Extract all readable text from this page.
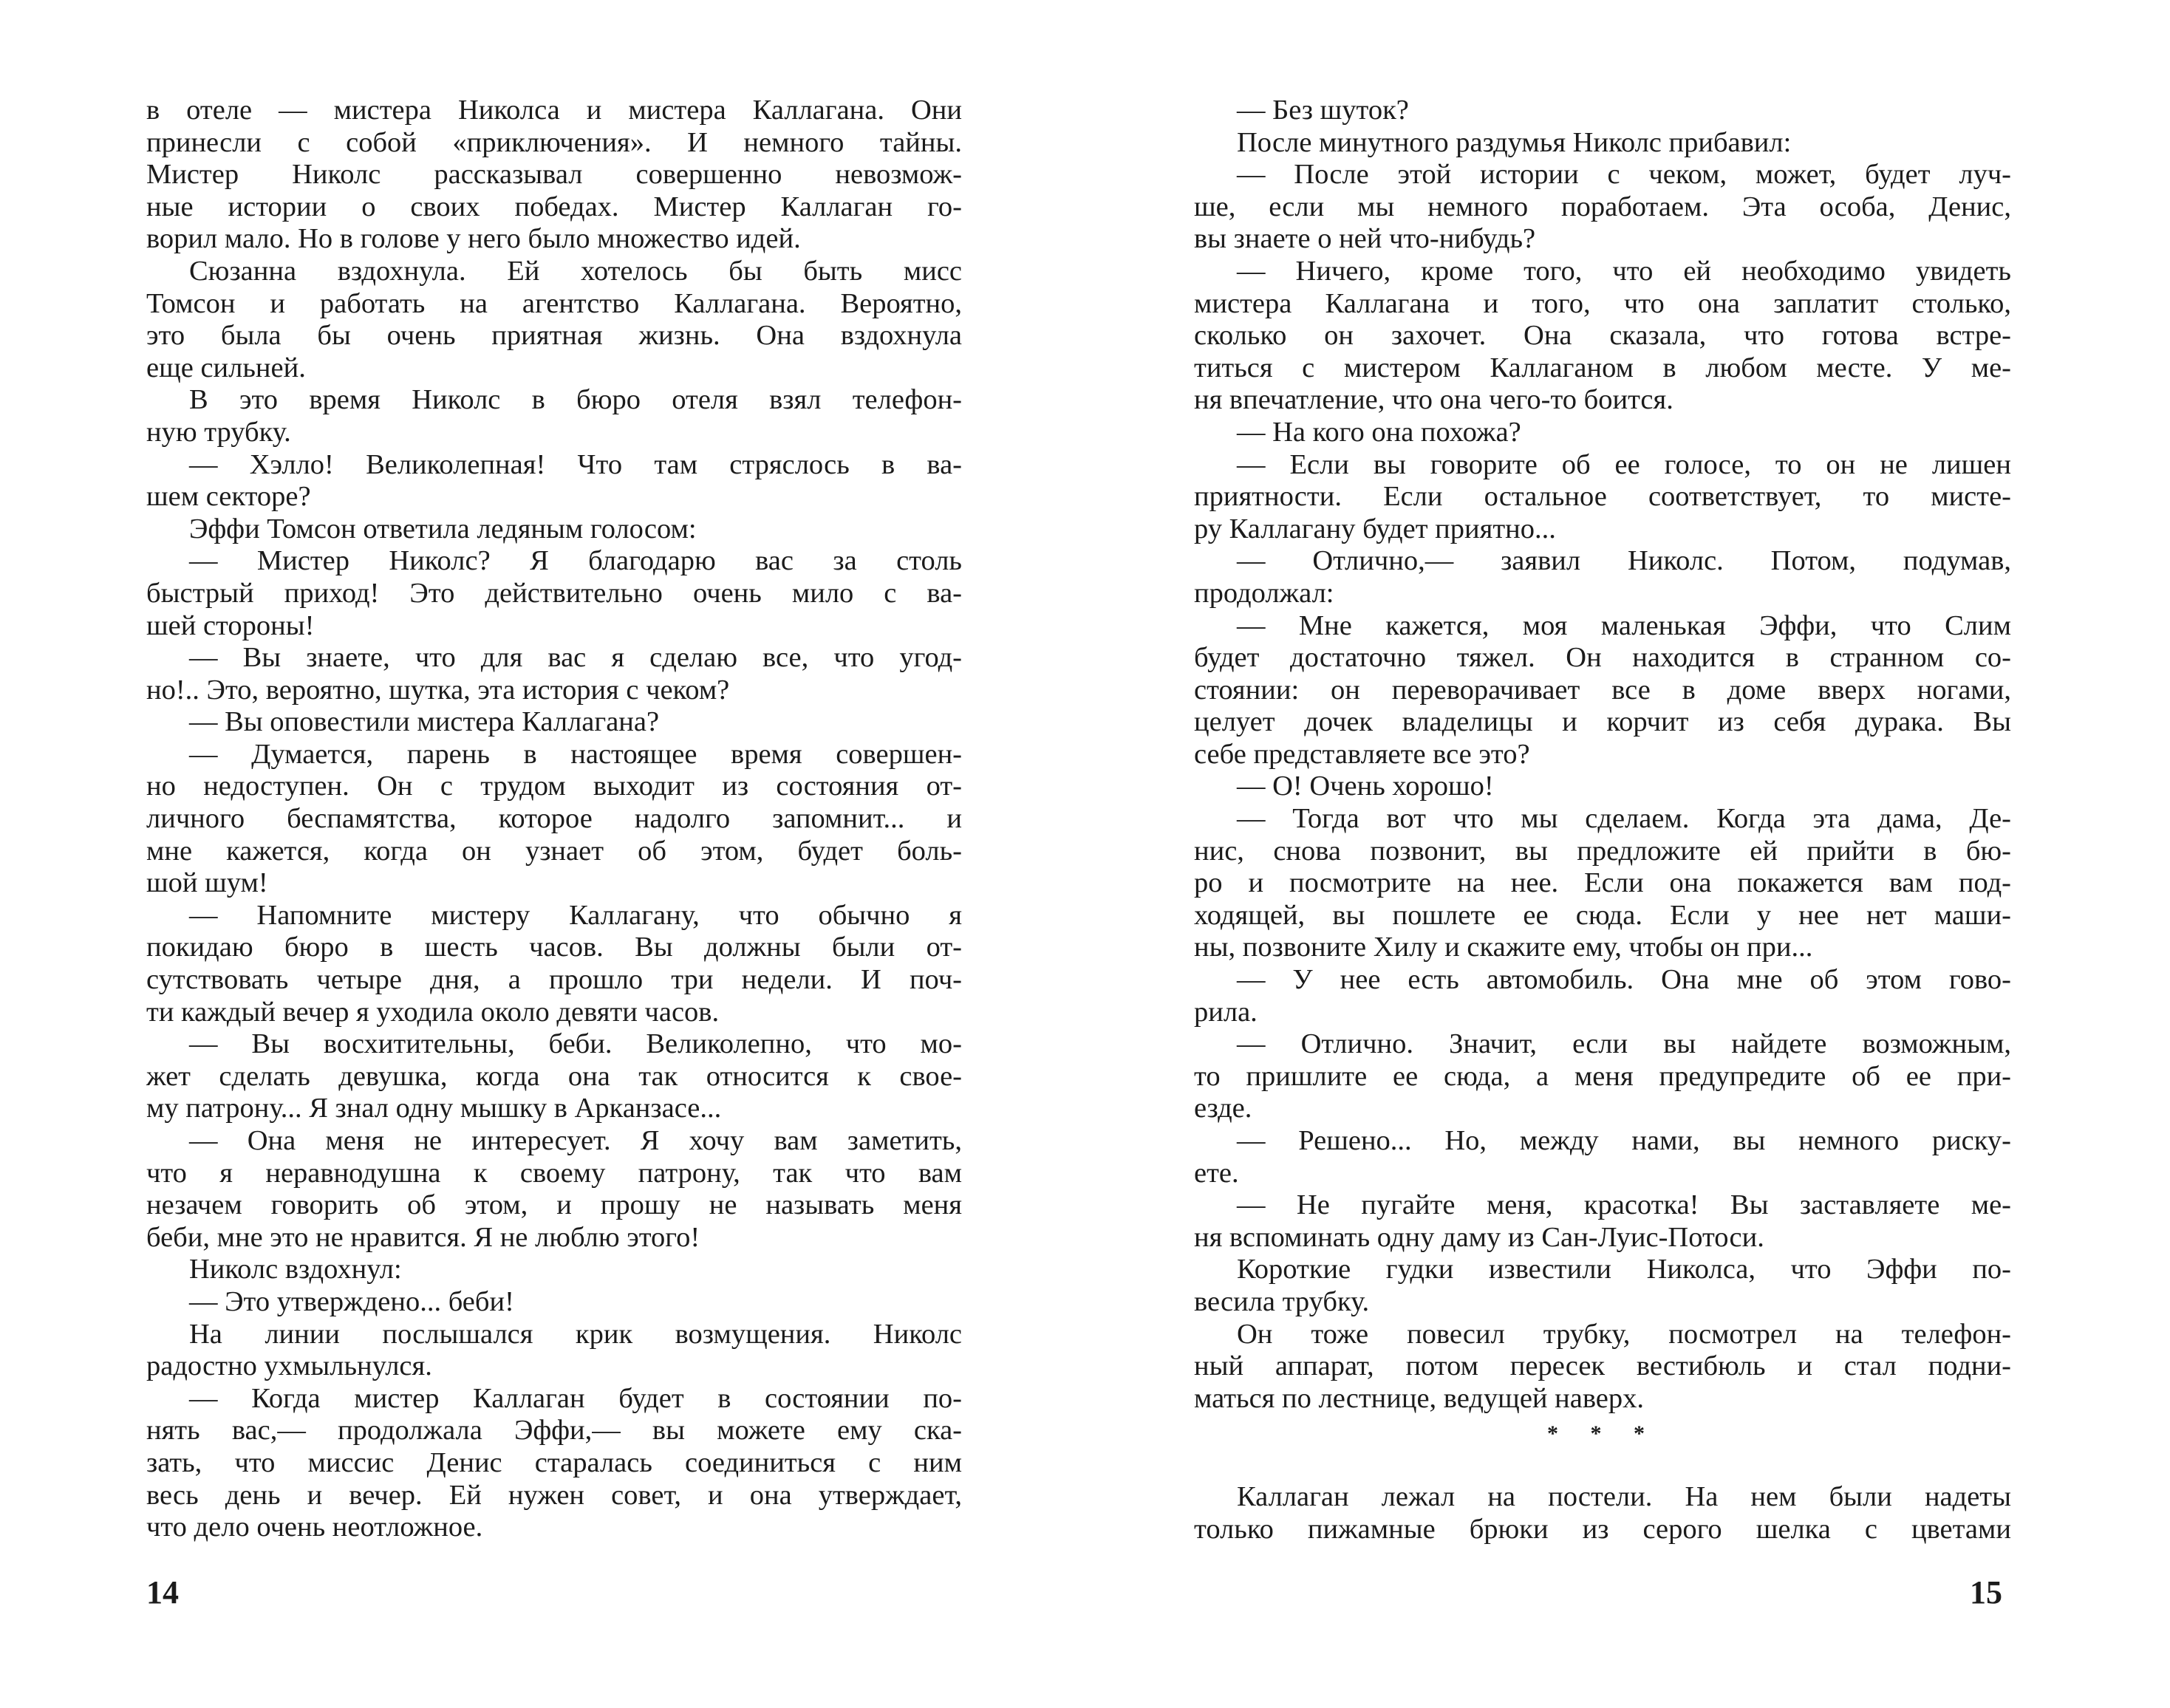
в отеле — мистера Николса и мистера Каллагана. Они
принесли с собой «приключения». И немного тайны.
Мистер Николс рассказывал совершенно невозмож-
ные истории о своих победах. Мистер Каллаган го-
ворил мало. Но в голове у него было множество идей.
Сюзанна вздохнула. Ей хотелось бы быть мисс
Томсон и работать на агентство Каллагана. Вероятно,
это была бы очень приятная жизнь. Она вздохнула
еще сильней.
В это время Николс в бюро отеля взял телефон-
ную трубку.
— Хэлло! Великолепная! Что там стряслось в ва-
шем секторе?
Эффи Томсон ответила ледяным голосом:
— Мистер Николс? Я благодарю вас за столь
быстрый приход! Это действительно очень мило с ва-
шей стороны!
— Вы знаете, что для вас я сделаю все, что угод-
но!.. Это, вероятно, шутка, эта история с чеком?
— Вы оповестили мистера Каллагана?
— Думается, парень в настоящее время совершен-
но недоступен. Он с трудом выходит из состояния от-
личного беспамятства, которое надолго запомнит... и
мне кажется, когда он узнает об этом, будет боль-
шой шум!
— Напомните мистеру Каллагану, что обычно я
покидаю бюро в шесть часов. Вы должны были от-
сутствовать четыре дня, а прошло три недели. И поч-
ти каждый вечер я уходила около девяти часов.
— Вы восхитительны, беби. Великолепно, что мо-
жет сделать девушка, когда она так относится к свое-
му патрону... Я знал одну мышку в Арканзасе...
— Она меня не интересует. Я хочу вам заметить,
что я неравнодушна к своему патрону, так что вам
незачем говорить об этом, и прошу не называть меня
беби, мне это не нравится. Я не люблю этого!
Николс вздохнул:
— Это утверждено... беби!
На линии послышался крик возмущения. Николс
радостно ухмыльнулся.
— Когда мистер Каллаган будет в состоянии по-
нять вас,— продолжала Эффи,— вы можете ему ска-
зать, что миссис Денис старалась соединиться с ним
весь день и вечер. Ей нужен совет, и она утверждает,
что дело очень неотложное.
14
— Без шуток?
После минутного раздумья Николс прибавил:
— После этой истории с чеком, может, будет луч-
ше, если мы немного поработаем. Эта особа, Денис,
вы знаете о ней что-нибудь?
— Ничего, кроме того, что ей необходимо увидеть
мистера Каллагана и того, что она заплатит столько,
сколько он захочет. Она сказала, что готова встре-
титься с мистером Каллаганом в любом месте. У ме-
ня впечатление, что она чего-то боится.
— На кого она похожа?
— Если вы говорите об ее голосе, то он не лишен
приятности. Если остальное соответствует, то мисте-
ру Каллагану будет приятно...
— Отлично,— заявил Николс. Потом, подумав,
продолжал:
— Мне кажется, моя маленькая Эффи, что Слим
будет достаточно тяжел. Он находится в странном со-
стоянии: он переворачивает все в доме вверх ногами,
целует дочек владелицы и корчит из себя дурака. Вы
себе представляете все это?
— О! Очень хорошо!
— Тогда вот что мы сделаем. Когда эта дама, Де-
нис, снова позвонит, вы предложите ей прийти в бю-
ро и посмотрите на нее. Если она покажется вам под-
ходящей, вы пошлете ее сюда. Если у нее нет маши-
ны, позвоните Хилу и скажите ему, чтобы он при...
— У нее есть автомобиль. Она мне об этом гово-
рила.
— Отлично. Значит, если вы найдете возможным,
то пришлите ее сюда, а меня предупредите об ее при-
езде.
— Решено... Но, между нами, вы немного риску-
ете.
— Не пугайте меня, красотка! Вы заставляете ме-
ня вспоминать одну даму из Сан-Луис-Потоси.
Короткие гудки известили Николса, что Эффи по-
весила трубку.
Он тоже повесил трубку, посмотрел на телефон-
ный аппарат, потом пересек вестибюль и стал подни-
маться по лестнице, ведущей наверх.
* * *
Каллаган лежал на постели. На нем были надеты
только пижамные брюки из серого шелка с цветами
15
